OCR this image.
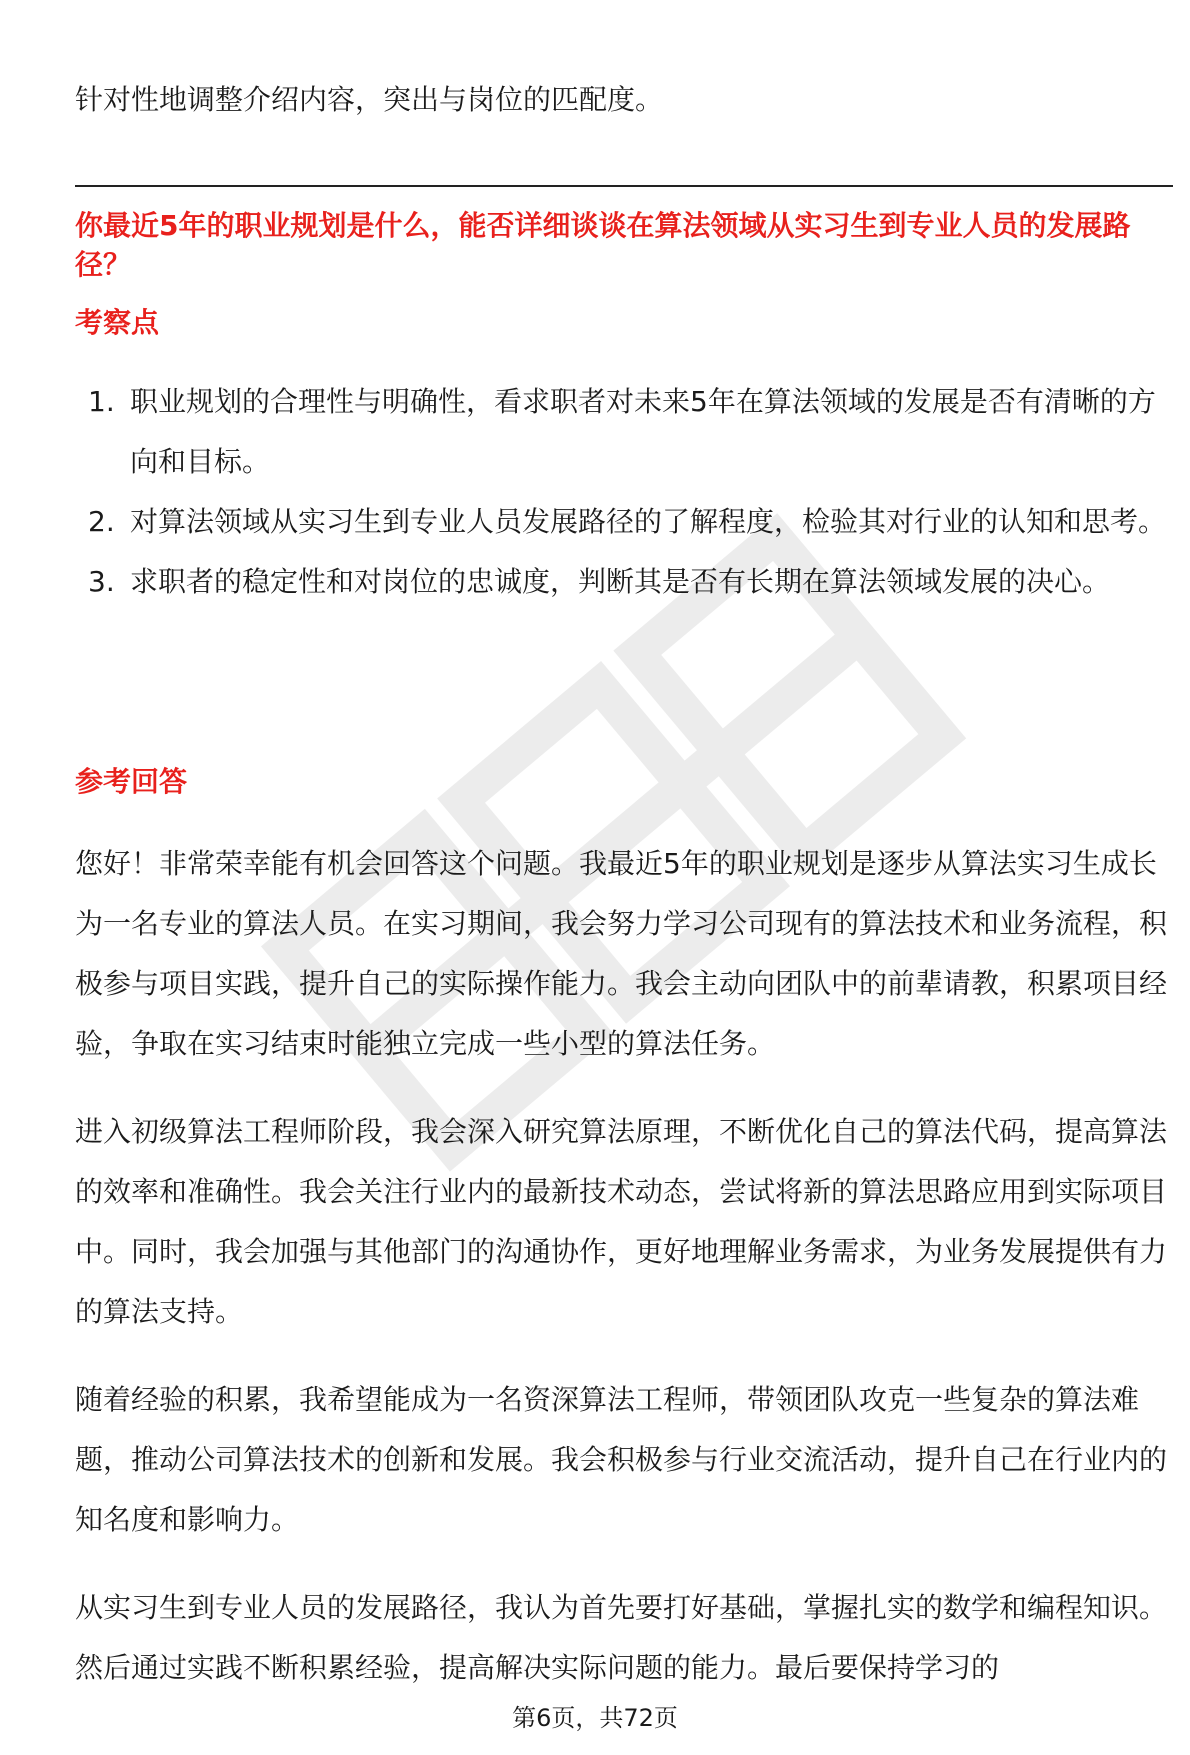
针对性地调整介绍内容，突出与岗位的匹配度。

你最近5年的职业规划是什么，能否详细谈谈在算法领域从实习生到专业人员的发展路径？
考察点
1. 职业规划的合理性与明确性，看求职者对未来5年在算法领域的发展是否有清晰的方向和目标。
2. 对算法领域从实习生到专业人员发展路径的了解程度，检验其对行业的认知和思考。
3. 求职者的稳定性和对岗位的忠诚度，判断其是否有长期在算法领域发展的决心。
参考回答

您好！非常荣幸能有机会回答这个问题。我最近5年的职业规划是逐步从算法实习生成长为一名专业的算法人员。在实习期间，我会努力学习公司现有的算法技术和业务流程，积极参与项目实践，提升自己的实际操作能力。我会主动向团队中的前辈请教，积累项目经验，争取在实习结束时能独立完成一些小型的算法任务。

进入初级算法工程师阶段，我会深入研究算法原理，不断优化自己的算法代码，提高算法的效率和准确性。我会关注行业内的最新技术动态，尝试将新的算法思路应用到实际项目中。同时，我会加强与其他部门的沟通协作，更好地理解业务需求，为业务发展提供有力的算法支持。

随着经验的积累，我希望能成为一名资深算法工程师，带领团队攻克一些复杂的算法难题，推动公司算法技术的创新和发展。我会积极参与行业交流活动，提升自己在行业内的知名度和影响力。

从实习生到专业人员的发展路径，我认为首先要打好基础，掌握扎实的数学和编程知识。然后通过实践不断积累经验，提高解决实际问题的能力。最后要保持学习的

第6页，共72页
